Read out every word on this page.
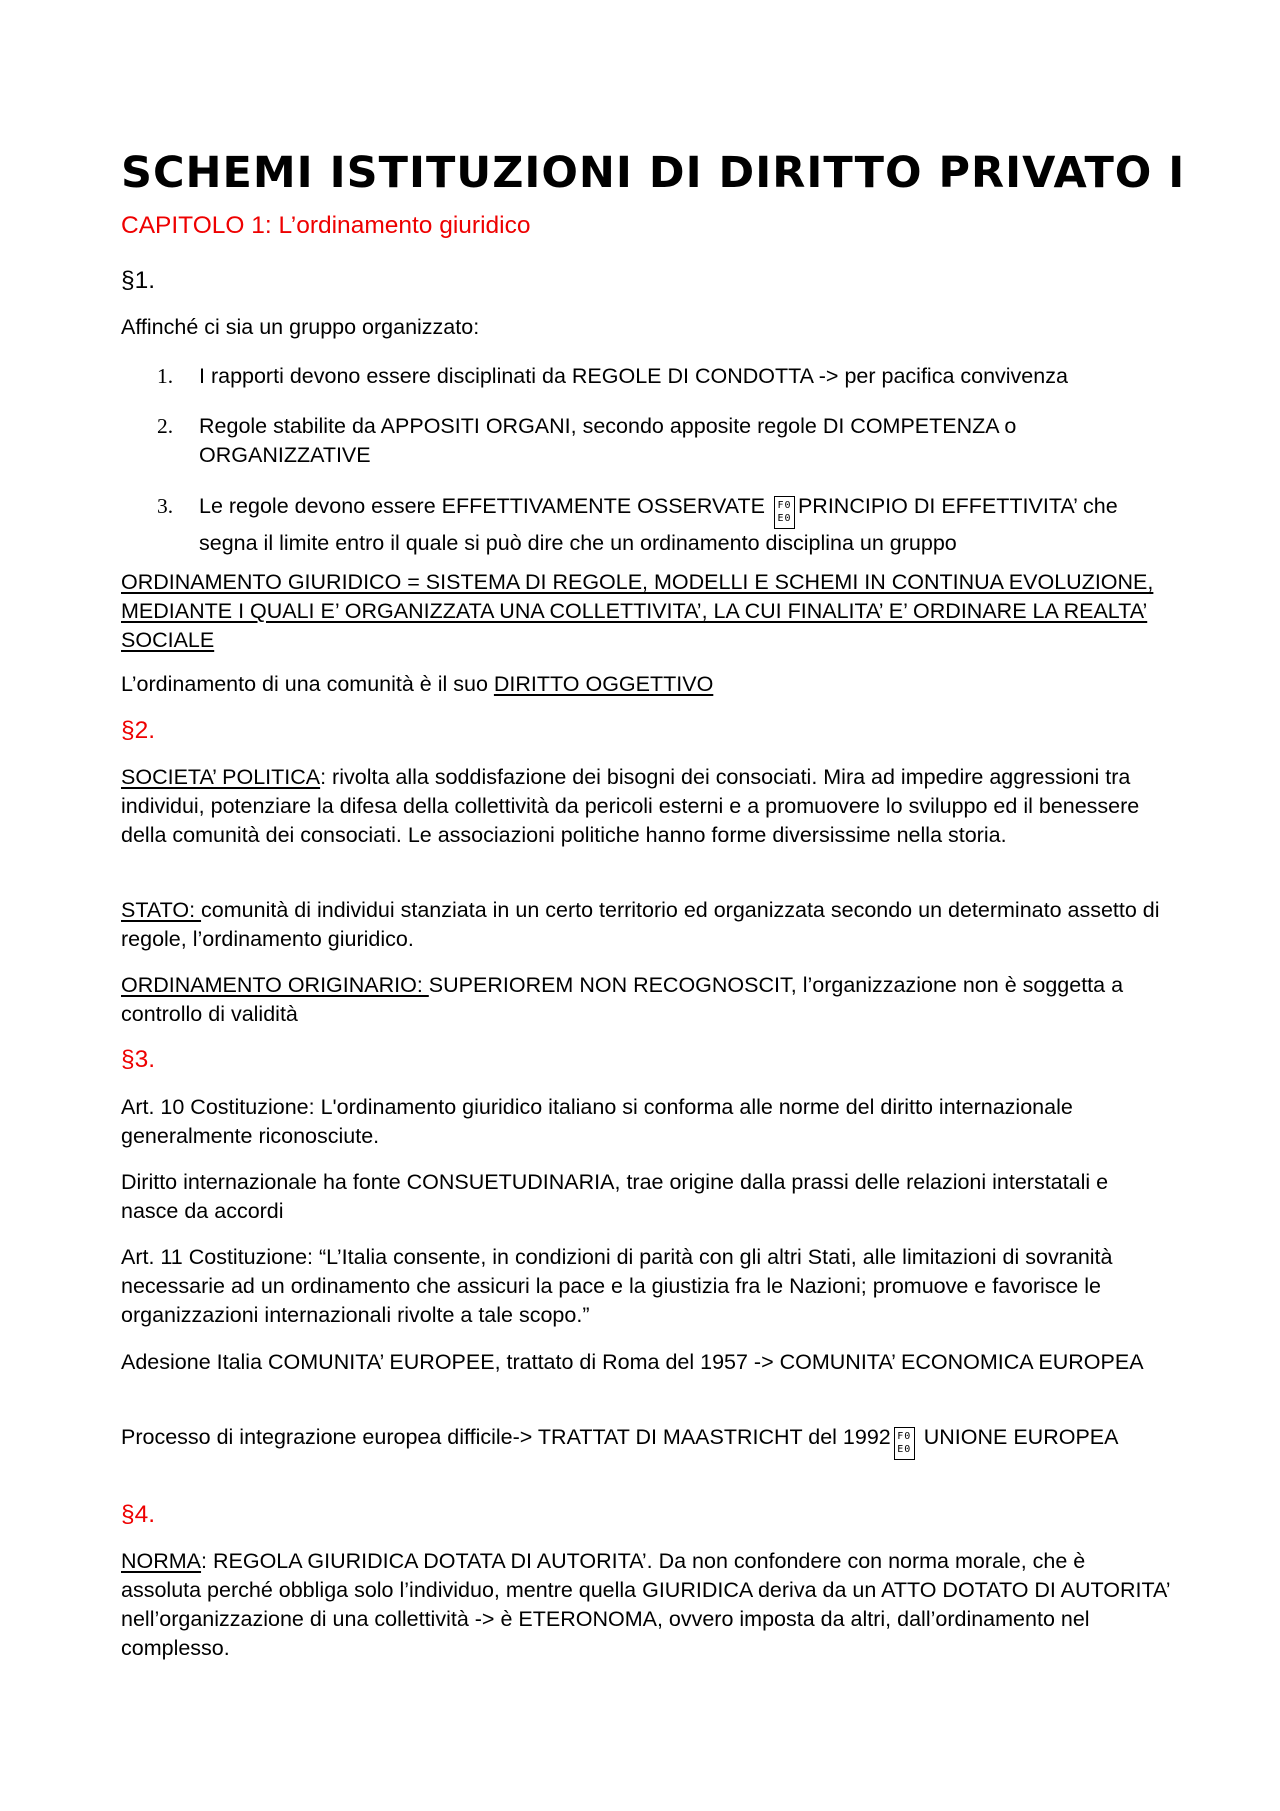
SCHEMI ISTITUZIONI DI DIRITTO PRIVATO I
CAPITOLO 1: L’ordinamento giuridico
§1.
Affinché ci sia un gruppo organizzato:
1. I rapporti devono essere disciplinati da REGOLE DI CONDOTTA -> per pacifica convivenza
2. Regole stabilite da APPOSITI ORGANI, secondo apposite regole DI COMPETENZA o ORGANIZZATIVE
3. Le regole devono essere EFFETTIVAMENTE OSSERVATE F0
E0PRINCIPIO DI EFFETTIVITA’ che segna il limite entro il quale si può dire che un ordinamento disciplina un gruppo
ORDINAMENTO GIURIDICO = SISTEMA DI REGOLE, MODELLI E SCHEMI IN CONTINUA EVOLUZIONE, MEDIANTE I QUALI E’ ORGANIZZATA UNA COLLETTIVITA’, LA CUI FINALITA’ E’ ORDINARE LA REALTA’ SOCIALE
L’ordinamento di una comunità è il suo DIRITTO OGGETTIVO
§2.
SOCIETA’ POLITICA: rivolta alla soddisfazione dei bisogni dei consociati. Mira ad impedire aggressioni tra individui, potenziare la difesa della collettività da pericoli esterni e a promuovere lo sviluppo ed il benessere della comunità dei consociati. Le associazioni politiche hanno forme diversissime nella storia.
STATO: comunità di individui stanziata in un certo territorio ed organizzata secondo un determinato assetto di regole, l’ordinamento giuridico.
ORDINAMENTO ORIGINARIO: SUPERIOREM NON RECOGNOSCIT, l’organizzazione non è soggetta a controllo di validità
§3.
Art. 10 Costituzione: L'ordinamento giuridico italiano si conforma alle norme del diritto internazionale generalmente riconosciute.
Diritto internazionale ha fonte CONSUETUDINARIA, trae origine dalla prassi delle relazioni interstatali e nasce da accordi
Art. 11 Costituzione: “L’Italia consente, in condizioni di parità con gli altri Stati, alle limitazioni di sovranità necessarie ad un ordinamento che assicuri la pace e la giustizia fra le Nazioni; promuove e favorisce le organizzazioni internazionali rivolte a tale scopo.”
Adesione Italia COMUNITA’ EUROPEE, trattato di Roma del 1957 -> COMUNITA’ ECONOMICA EUROPEA
Processo di integrazione europea difficile-> TRATTAT DI MAASTRICHT del 1992 F0
E0 UNIONE EUROPEA
§4.
NORMA: REGOLA GIURIDICA DOTATA DI AUTORITA’. Da non confondere con norma morale, che è assoluta perché obbliga solo l’individuo, mentre quella GIURIDICA deriva da un ATTO DOTATO DI AUTORITA’ nell’organizzazione di una collettività -> è ETERONOMA, ovvero imposta da altri, dall’ordinamento nel complesso.
